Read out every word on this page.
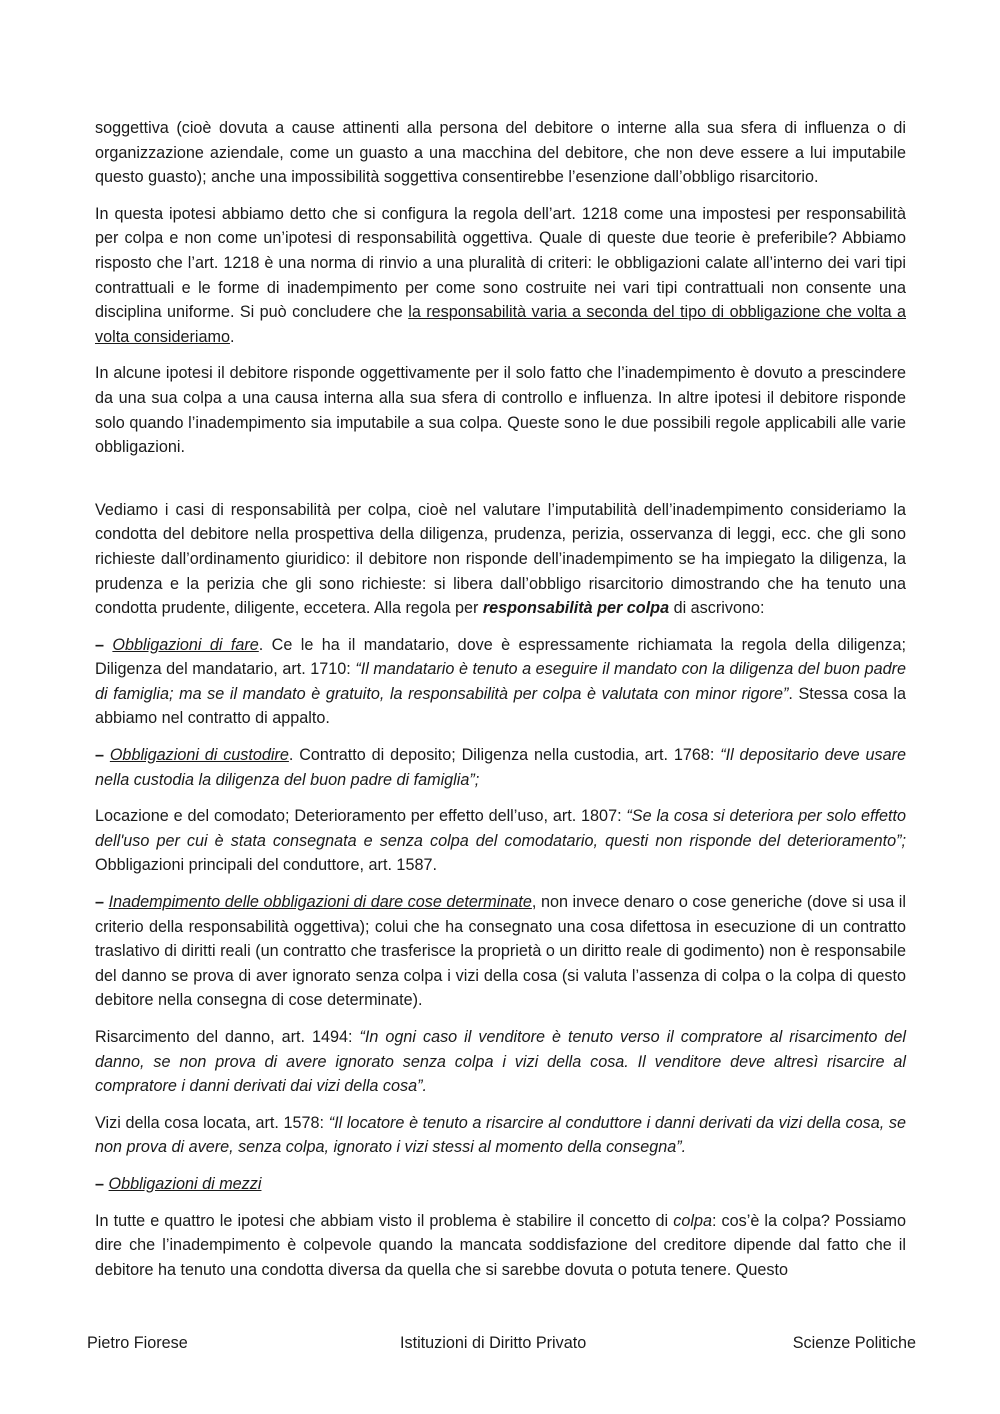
soggettiva (cioè dovuta a cause attinenti alla persona del debitore o interne alla sua sfera di influenza o di organizzazione aziendale, come un guasto a una macchina del debitore, che non deve essere a lui imputabile questo guasto); anche una impossibilità soggettiva consentirebbe l’esenzione dall’obbligo risarcitorio.

In questa ipotesi abbiamo detto che si configura la regola dell’art. 1218 come una impostesi per responsabilità per colpa e non come un’ipotesi di responsabilità oggettiva. Quale di queste due teorie è preferibile? Abbiamo risposto che l’art. 1218 è una norma di rinvio a una pluralità di criteri: le obbligazioni calate all’interno dei vari tipi contrattuali e le forme di inadempimento per come sono costruite nei vari tipi contrattuali non consente una disciplina uniforme. Si può concludere che la responsabilità varia a seconda del tipo di obbligazione che volta a volta consideriamo.

In alcune ipotesi il debitore risponde oggettivamente per il solo fatto che l’inadempimento è dovuto a prescindere da una sua colpa a una causa interna alla sua sfera di controllo e influenza. In altre ipotesi il debitore risponde solo quando l’inadempimento sia imputabile a sua colpa. Queste sono le due possibili regole applicabili alle varie obbligazioni.

Vediamo i casi di responsabilità per colpa, cioè nel valutare l’imputabilità dell’inadempimento consideriamo la condotta del debitore nella prospettiva della diligenza, prudenza, perizia, osservanza di leggi, ecc. che gli sono richieste dall’ordinamento giuridico: il debitore non risponde dell’inadempimento se ha impiegato la diligenza, la prudenza e la perizia che gli sono richieste: si libera dall’obbligo risarcitorio dimostrando che ha tenuto una condotta prudente, diligente, eccetera. Alla regola per responsabilità per colpa di ascrivono:

– Obbligazioni di fare. Ce le ha il mandatario, dove è espressamente richiamata la regola della diligenza; Diligenza del mandatario, art. 1710: “Il mandatario è tenuto a eseguire il mandato con la diligenza del buon padre di famiglia; ma se il mandato è gratuito, la responsabilità per colpa è valutata con minor rigore”. Stessa cosa la abbiamo nel contratto di appalto.

– Obbligazioni di custodire. Contratto di deposito; Diligenza nella custodia, art. 1768: “Il depositario deve usare nella custodia la diligenza del buon padre di famiglia”;

Locazione e del comodato; Deterioramento per effetto dell’uso, art. 1807: “Se la cosa si deteriora per solo effetto dell'uso per cui è stata consegnata e senza colpa del comodatario, questi non risponde del deterioramento”; Obbligazioni principali del conduttore, art. 1587.

– Inadempimento delle obbligazioni di dare cose determinate, non invece denaro o cose generiche (dove si usa il criterio della responsabilità oggettiva); colui che ha consegnato una cosa difettosa in esecuzione di un contratto traslativo di diritti reali (un contratto che trasferisce la proprietà o un diritto reale di godimento) non è responsabile del danno se prova di aver ignorato senza colpa i vizi della cosa (si valuta l’assenza di colpa o la colpa di questo debitore nella consegna di cose determinate).

Risarcimento del danno, art. 1494: “In ogni caso il venditore è tenuto verso il compratore al risarcimento del danno, se non prova di avere ignorato senza colpa i vizi della cosa. Il venditore deve altresì risarcire al compratore i danni derivati dai vizi della cosa”.

Vizi della cosa locata, art. 1578: “Il locatore è tenuto a risarcire al conduttore i danni derivati da vizi della cosa, se non prova di avere, senza colpa, ignorato i vizi stessi al momento della consegna”.

– Obbligazioni di mezzi

In tutte e quattro le ipotesi che abbiam visto il problema è stabilire il concetto di colpa: cos’è la colpa? Possiamo dire che l’inadempimento è colpevole quando la mancata soddisfazione del creditore dipende dal fatto che il debitore ha tenuto una condotta diversa da quella che si sarebbe dovuta o potuta tenere. Questo

Pietro Fiorese	Istituzioni di Diritto Privato	Scienze Politiche
